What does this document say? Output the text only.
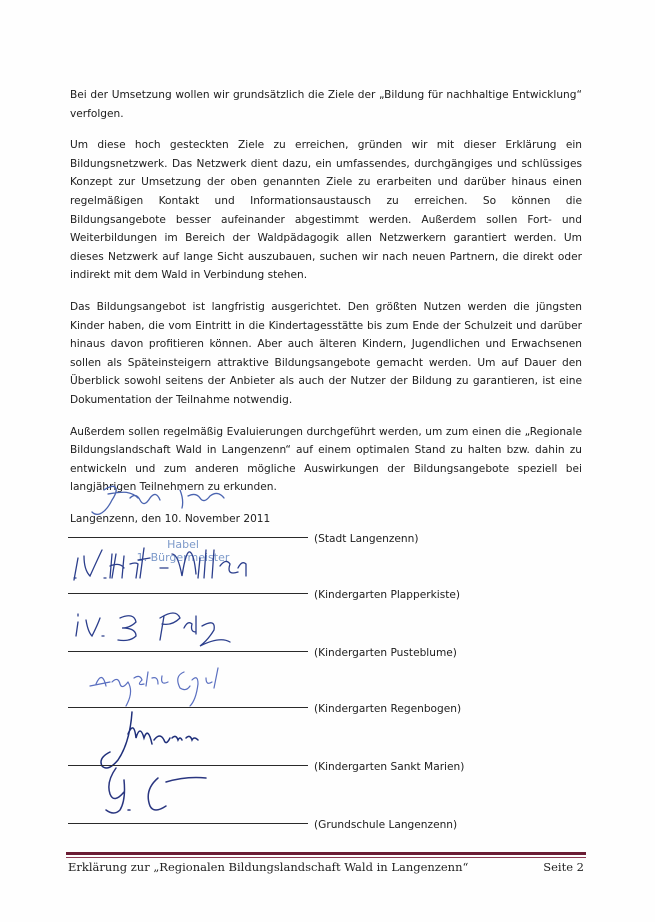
Bei der Umsetzung wollen wir grundsätzlich die Ziele der „Bildung für nachhaltige Entwicklung“ verfolgen.

Um diese hoch gesteckten Ziele zu erreichen, gründen wir mit dieser Erklärung ein Bildungsnetzwerk. Das Netzwerk dient dazu, ein umfassendes, durchgängiges und schlüssiges Konzept zur Umsetzung der oben genannten Ziele zu erarbeiten und darüber hinaus einen regelmäßigen Kontakt und Informationsaustausch zu erreichen. So können die Bildungsangebote besser aufeinander abgestimmt werden. Außerdem sollen Fort- und Weiterbildungen im Bereich der Waldpädagogik allen Netzwerkern garantiert werden. Um dieses Netzwerk auf lange Sicht auszubauen, suchen wir nach neuen Partnern, die direkt oder indirekt mit dem Wald in Verbindung stehen.

Das Bildungsangebot ist langfristig ausgerichtet. Den größten Nutzen werden die jüngsten Kinder haben, die vom Eintritt in die Kindertagesstätte bis zum Ende der Schulzeit und darüber hinaus davon profitieren können. Aber auch älteren Kindern, Jugendlichen und Erwachsenen sollen als Späteinsteigern attraktive Bildungsangebote gemacht werden. Um auf Dauer den Überblick sowohl seitens der Anbieter als auch der Nutzer der Bildung zu garantieren, ist eine Dokumentation der Teilnahme notwendig.

Außerdem sollen regelmäßig Evaluierungen durchgeführt werden, um zum einen die „Regionale Bildungslandschaft Wald in Langenzenn“ auf einem optimalen Stand zu halten bzw. dahin zu entwickeln und zum anderen mögliche Auswirkungen der Bildungsangebote speziell bei langjährigen Teilnehmern zu erkunden.

Langenzenn, den 10. November 2011

(Stadt Langenzenn)
Habel
1. Bürgermeister
(Kindergarten Plapperkiste)
(Kindergarten Pusteblume)
(Kindergarten Regenbogen)
(Kindergarten Sankt Marien)
(Grundschule Langenzenn)
Erklärung zur „Regionalen Bildungslandschaft Wald in Langenzenn“	Seite 2
